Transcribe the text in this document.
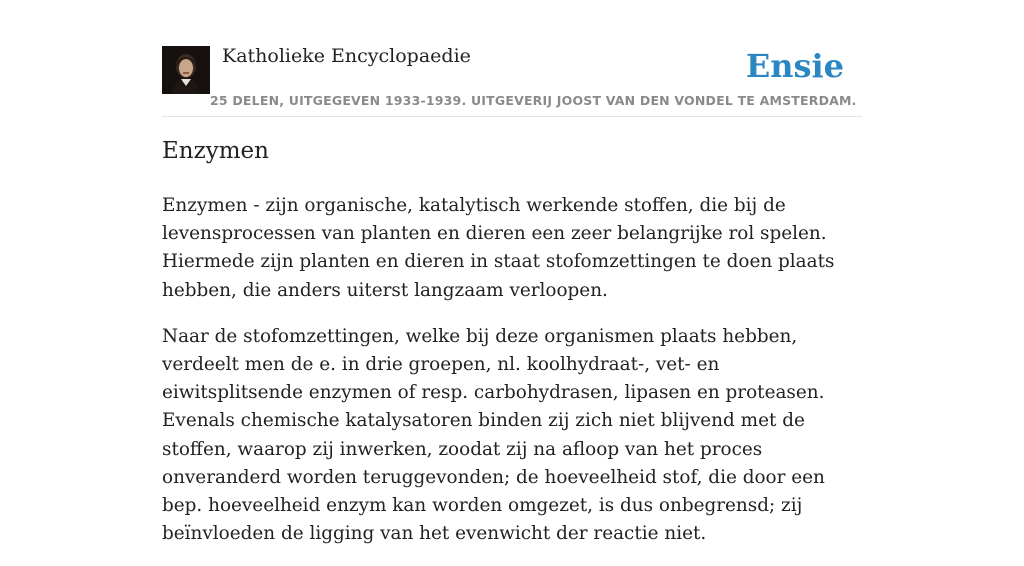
Katholieke Encyclopaedie	Ensie
25 DELEN, UITGEGEVEN 1933-1939. UITGEVERIJ JOOST VAN DEN VONDEL TE AMSTERDAM.
Enzymen

Enzymen - zijn organische, katalytisch werkende stoffen, die bij de levensprocessen van planten en dieren een zeer belangrijke rol spelen. Hiermede zijn planten en dieren in staat stofomzettingen te doen plaats hebben, die anders uiterst langzaam verloopen.

Naar de stofomzettingen, welke bij deze organismen plaats hebben, verdeelt men de e. in drie groepen, nl. koolhydraat-, vet- en eiwitsplitsende enzymen of resp. carbohydrasen, lipasen en proteasen. Evenals chemische katalysatoren binden zij zich niet blijvend met de stoffen, waarop zij inwerken, zoodat zij na afloop van het proces onveranderd worden teruggevonden; de hoeveelheid stof, die door een bep. hoeveelheid enzym kan worden omgezet, is dus onbegrensd; zij beïnvloeden de ligging van het evenwicht der reactie niet.
